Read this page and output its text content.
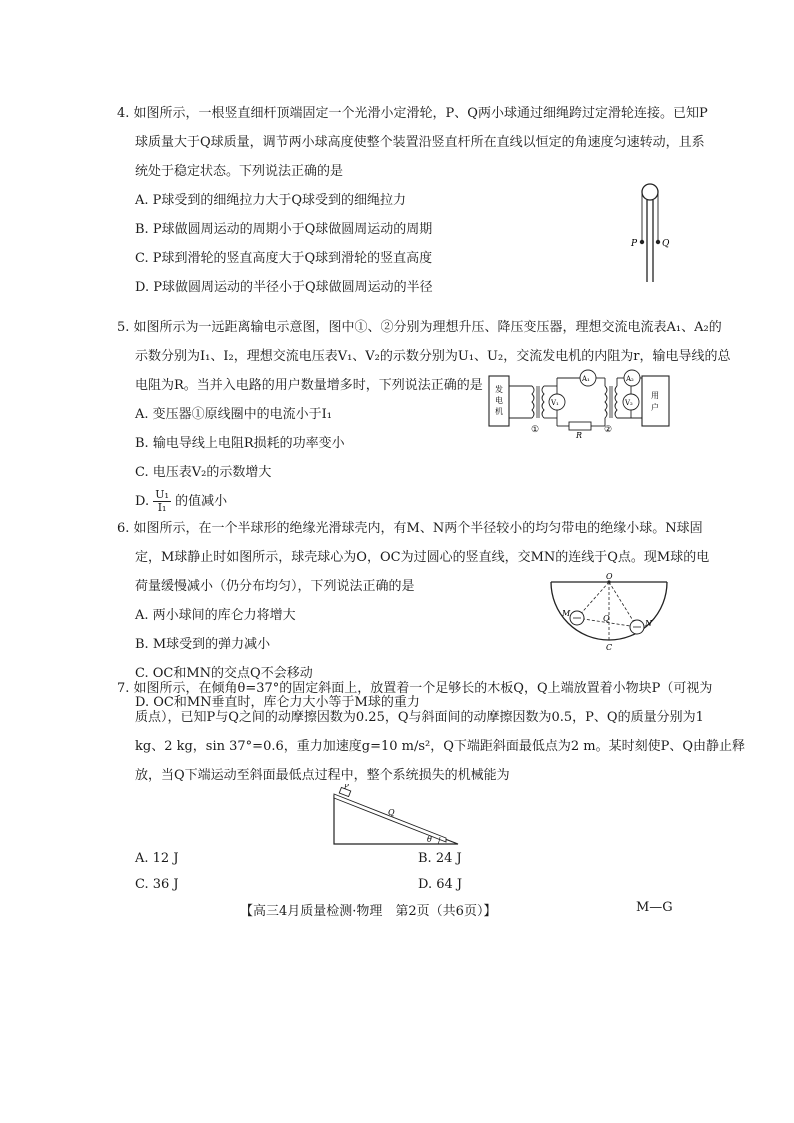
4. 如图所示，一根竖直细杆顶端固定一个光滑小定滑轮，P、Q两小球通过细绳跨过定滑轮连接。已知P
球质量大于Q球质量，调节两小球高度使整个装置沿竖直杆所在直线以恒定的角速度匀速转动，且系
统处于稳定状态。下列说法正确的是
A. P球受到的细绳拉力大于Q球受到的细绳拉力
B. P球做圆周运动的周期小于Q球做圆周运动的周期
C. P球到滑轮的竖直高度大于Q球到滑轮的竖直高度
D. P球做圆周运动的半径小于Q球做圆周运动的半径
P	Q
5. 如图所示为一远距离输电示意图，图中①、②分别为理想升压、降压变压器，理想交流电流表A₁、A₂的
示数分别为I₁、I₂，理想交流电压表V₁、V₂的示数分别为U₁、U₂，交流发电机的内阻为r，输电导线的总
电阻为R。当并入电路的用户数量增多时，下列说法正确的是
A. 变压器①原线圈中的电流小于I₁
B. 输电导线上电阻R损耗的功率变小
C. 电压表V₂的示数增大
D. $\frac{\text{U₁}}{\text{I₁}}$ 的值减小
发
电
机
用
户
①
V₁
A₁
R
②
A₂
V₂
6. 如图所示，在一个半球形的绝缘光滑球壳内，有M、N两个半径较小的均匀带电的绝缘小球。N球固
定，M球静止时如图所示，球壳球心为O，OC为过圆心的竖直线，交MN的连线于Q点。现M球的电
荷量缓慢减小（仍分布均匀），下列说法正确的是
A. 两小球间的库仑力将增大
B. M球受到的弹力减小
C. OC和MN的交点Q不会移动
D. OC和MN垂直时，库仑力大小等于M球的重力
O
M
N
Q
C
7. 如图所示，在倾角θ=37°的固定斜面上，放置着一个足够长的木板Q，Q上端放置着小物块P（可视为
质点），已知P与Q之间的动摩擦因数为0.25，Q与斜面间的动摩擦因数为0.5，P、Q的质量分别为1
kg、2 kg，sin 37°=0.6，重力加速度g=10 m/s²，Q下端距斜面最低点为2 m。某时刻使P、Q由静止释
放，当Q下端运动至斜面最低点过程中，整个系统损失的机械能为
P
Q
θ
A. 12 J	B. 24 J
C. 36 J	D. 64 J
【高三4月质量检测·物理　第2页（共6页）】	M—G
